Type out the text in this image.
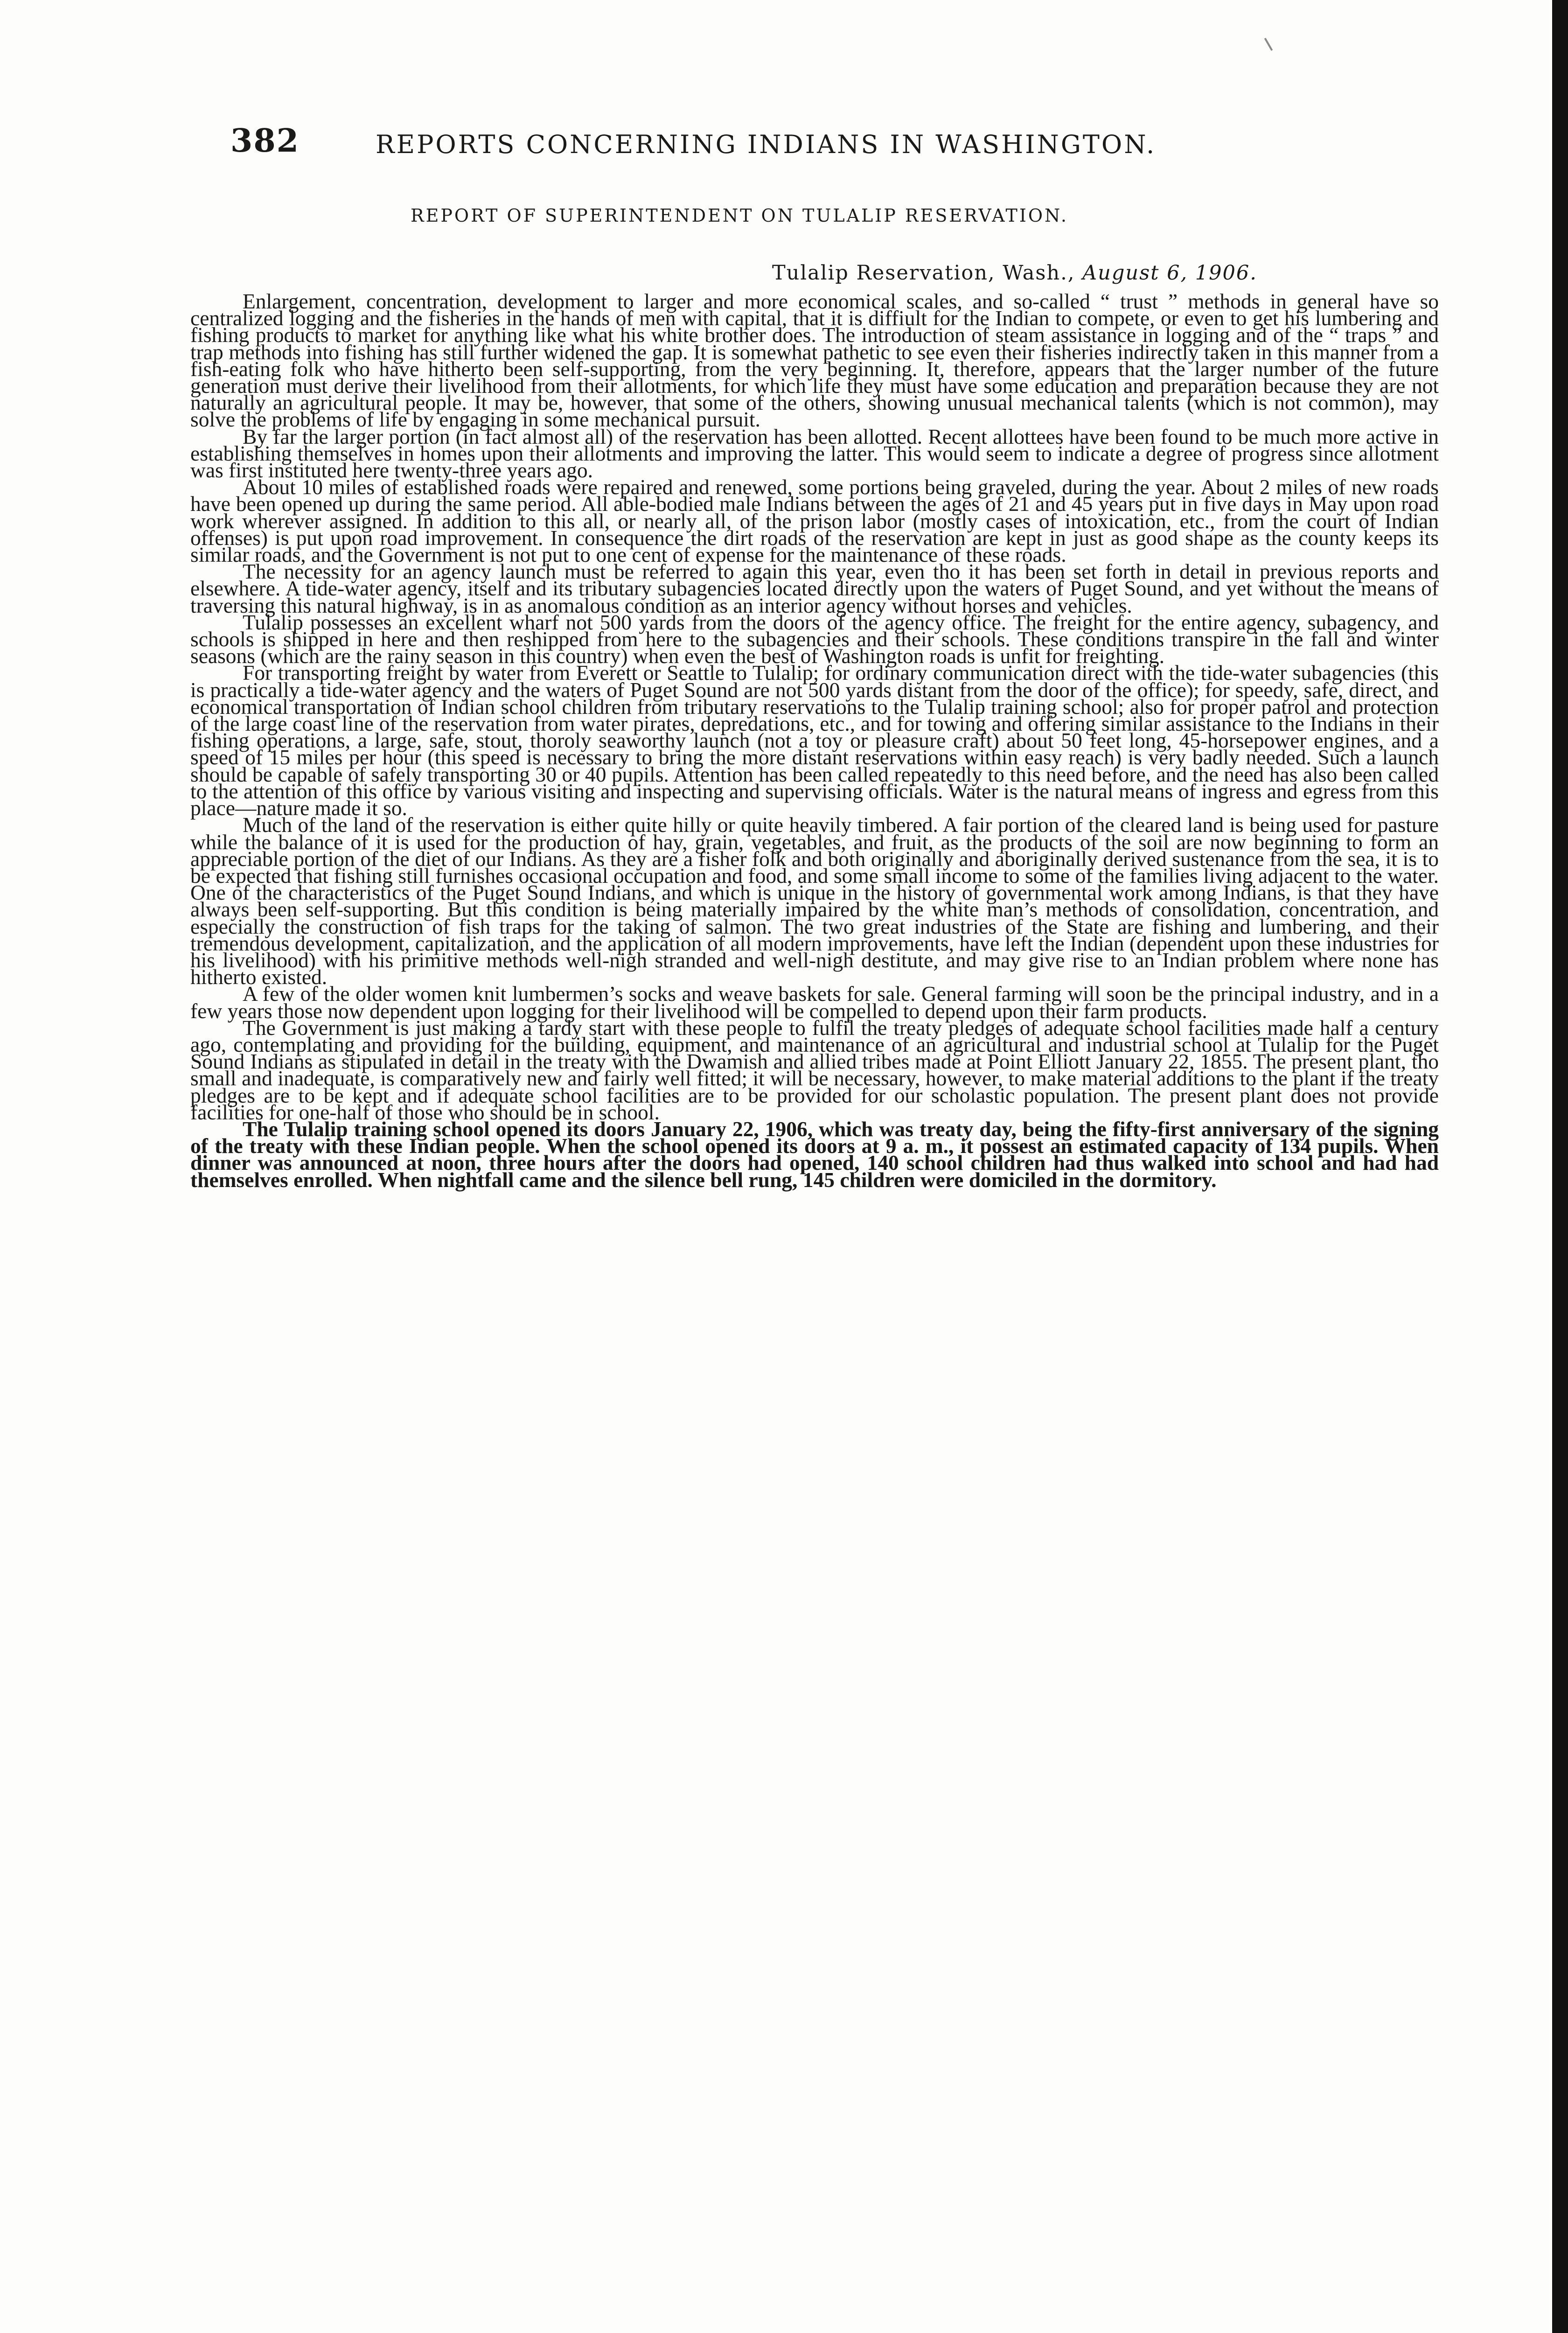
382	REPORTS CONCERNING INDIANS IN WASHINGTON.
REPORT OF SUPERINTENDENT ON TULALIP RESERVATION.
Tulalip Reservation, Wash., August 6, 1906.

Enlargement, concentration, development to larger and more economical scales, and so-called “ trust ” methods in general have so centralized logging and the fisheries in the hands of men with capital, that it is diffiult for the Indian to compete, or even to get his lumbering and fishing products to market for anything like what his white brother does. The introduction of steam assistance in logging and of the “ traps ” and trap methods into fishing has still further widened the gap. It is somewhat pathetic to see even their fisheries indirectly taken in this manner from a fish-eating folk who have hitherto been self-supporting, from the very beginning. It, therefore, appears that the larger number of the future generation must derive their livelihood from their allotments, for which life they must have some education and preparation because they are not naturally an agricultural people. It may be, however, that some of the others, showing unusual mechanical talents (which is not common), may solve the problems of life by engaging in some mechanical pursuit.

By far the larger portion (in fact almost all) of the reservation has been allotted. Recent allottees have been found to be much more active in establishing themselves in homes upon their allotments and improving the latter. This would seem to indicate a degree of progress since allotment was first instituted here twenty-three years ago.

About 10 miles of established roads were repaired and renewed, some portions being graveled, during the year. About 2 miles of new roads have been opened up during the same period. All able-bodied male Indians between the ages of 21 and 45 years put in five days in May upon road work wherever assigned. In addition to this all, or nearly all, of the prison labor (mostly cases of intoxication, etc., from the court of Indian offenses) is put upon road improvement. In consequence the dirt roads of the reservation are kept in just as good shape as the county keeps its similar roads, and the Government is not put to one cent of expense for the maintenance of these roads.

The necessity for an agency launch must be referred to again this year, even tho it has been set forth in detail in previous reports and elsewhere. A tide-water agency, itself and its tributary subagencies located directly upon the waters of Puget Sound, and yet without the means of traversing this natural highway, is in as anomalous condition as an interior agency without horses and vehicles.

Tulalip possesses an excellent wharf not 500 yards from the doors of the agency office. The freight for the entire agency, subagency, and schools is shipped in here and then reshipped from here to the subagencies and their schools. These conditions transpire in the fall and winter seasons (which are the rainy season in this country) when even the best of Washington roads is unfit for freighting.

For transporting freight by water from Everett or Seattle to Tulalip; for ordinary communication direct with the tide-water subagencies (this is practically a tide-water agency and the waters of Puget Sound are not 500 yards distant from the door of the office); for speedy, safe, direct, and economical transportation of Indian school children from tributary reservations to the Tulalip training school; also for proper patrol and protection of the large coast line of the reservation from water pirates, depredations, etc., and for towing and offering similar assistance to the Indians in their fishing operations, a large, safe, stout, thoroly seaworthy launch (not a toy or pleasure craft) about 50 feet long, 45-horsepower engines, and a speed of 15 miles per hour (this speed is necessary to bring the more distant reservations within easy reach) is very badly needed. Such a launch should be capable of safely transporting 30 or 40 pupils. Attention has been called repeatedly to this need before, and the need has also been called to the attention of this office by various visiting and inspecting and supervising officials. Water is the natural means of ingress and egress from this place—nature made it so.

Much of the land of the reservation is either quite hilly or quite heavily timbered. A fair portion of the cleared land is being used for pasture while the balance of it is used for the production of hay, grain, vegetables, and fruit, as the products of the soil are now beginning to form an appreciable portion of the diet of our Indians. As they are a fisher folk and both originally and aboriginally derived sustenance from the sea, it is to be expected that fishing still furnishes occasional occupation and food, and some small income to some of the families living adjacent to the water. One of the characteristics of the Puget Sound Indians, and which is unique in the history of governmental work among Indians, is that they have always been self-supporting. But this condition is being materially impaired by the white man’s methods of consolidation, concentration, and especially the construction of fish traps for the taking of salmon. The two great industries of the State are fishing and lumbering, and their tremendous development, capitalization, and the application of all modern improvements, have left the Indian (dependent upon these industries for his livelihood) with his primitive methods well-nigh stranded and well-nigh destitute, and may give rise to an Indian problem where none has hitherto existed.

A few of the older women knit lumbermen’s socks and weave baskets for sale. General farming will soon be the principal industry, and in a few years those now dependent upon logging for their livelihood will be compelled to depend upon their farm products.

The Government is just making a tardy start with these people to fulfil the treaty pledges of adequate school facilities made half a century ago, contemplating and providing for the building, equipment, and maintenance of an agricultural and industrial school at Tulalip for the Puget Sound Indians as stipulated in detail in the treaty with the Dwamish and allied tribes made at Point Elliott January 22, 1855. The present plant, tho small and inadequate, is comparatively new and fairly well fitted; it will be necessary, however, to make material additions to the plant if the treaty pledges are to be kept and if adequate school facilities are to be provided for our scholastic population. The present plant does not provide facilities for one-half of those who should be in school.

The Tulalip training school opened its doors January 22, 1906, which was treaty day, being the fifty-first anniversary of the signing of the treaty with these Indian people. When the school opened its doors at 9 a. m., it possest an estimated capacity of 134 pupils. When dinner was announced at noon, three hours after the doors had opened, 140 school children had thus walked into school and had had themselves enrolled. When nightfall came and the silence bell rung, 145 children were domiciled in the dormitory.
